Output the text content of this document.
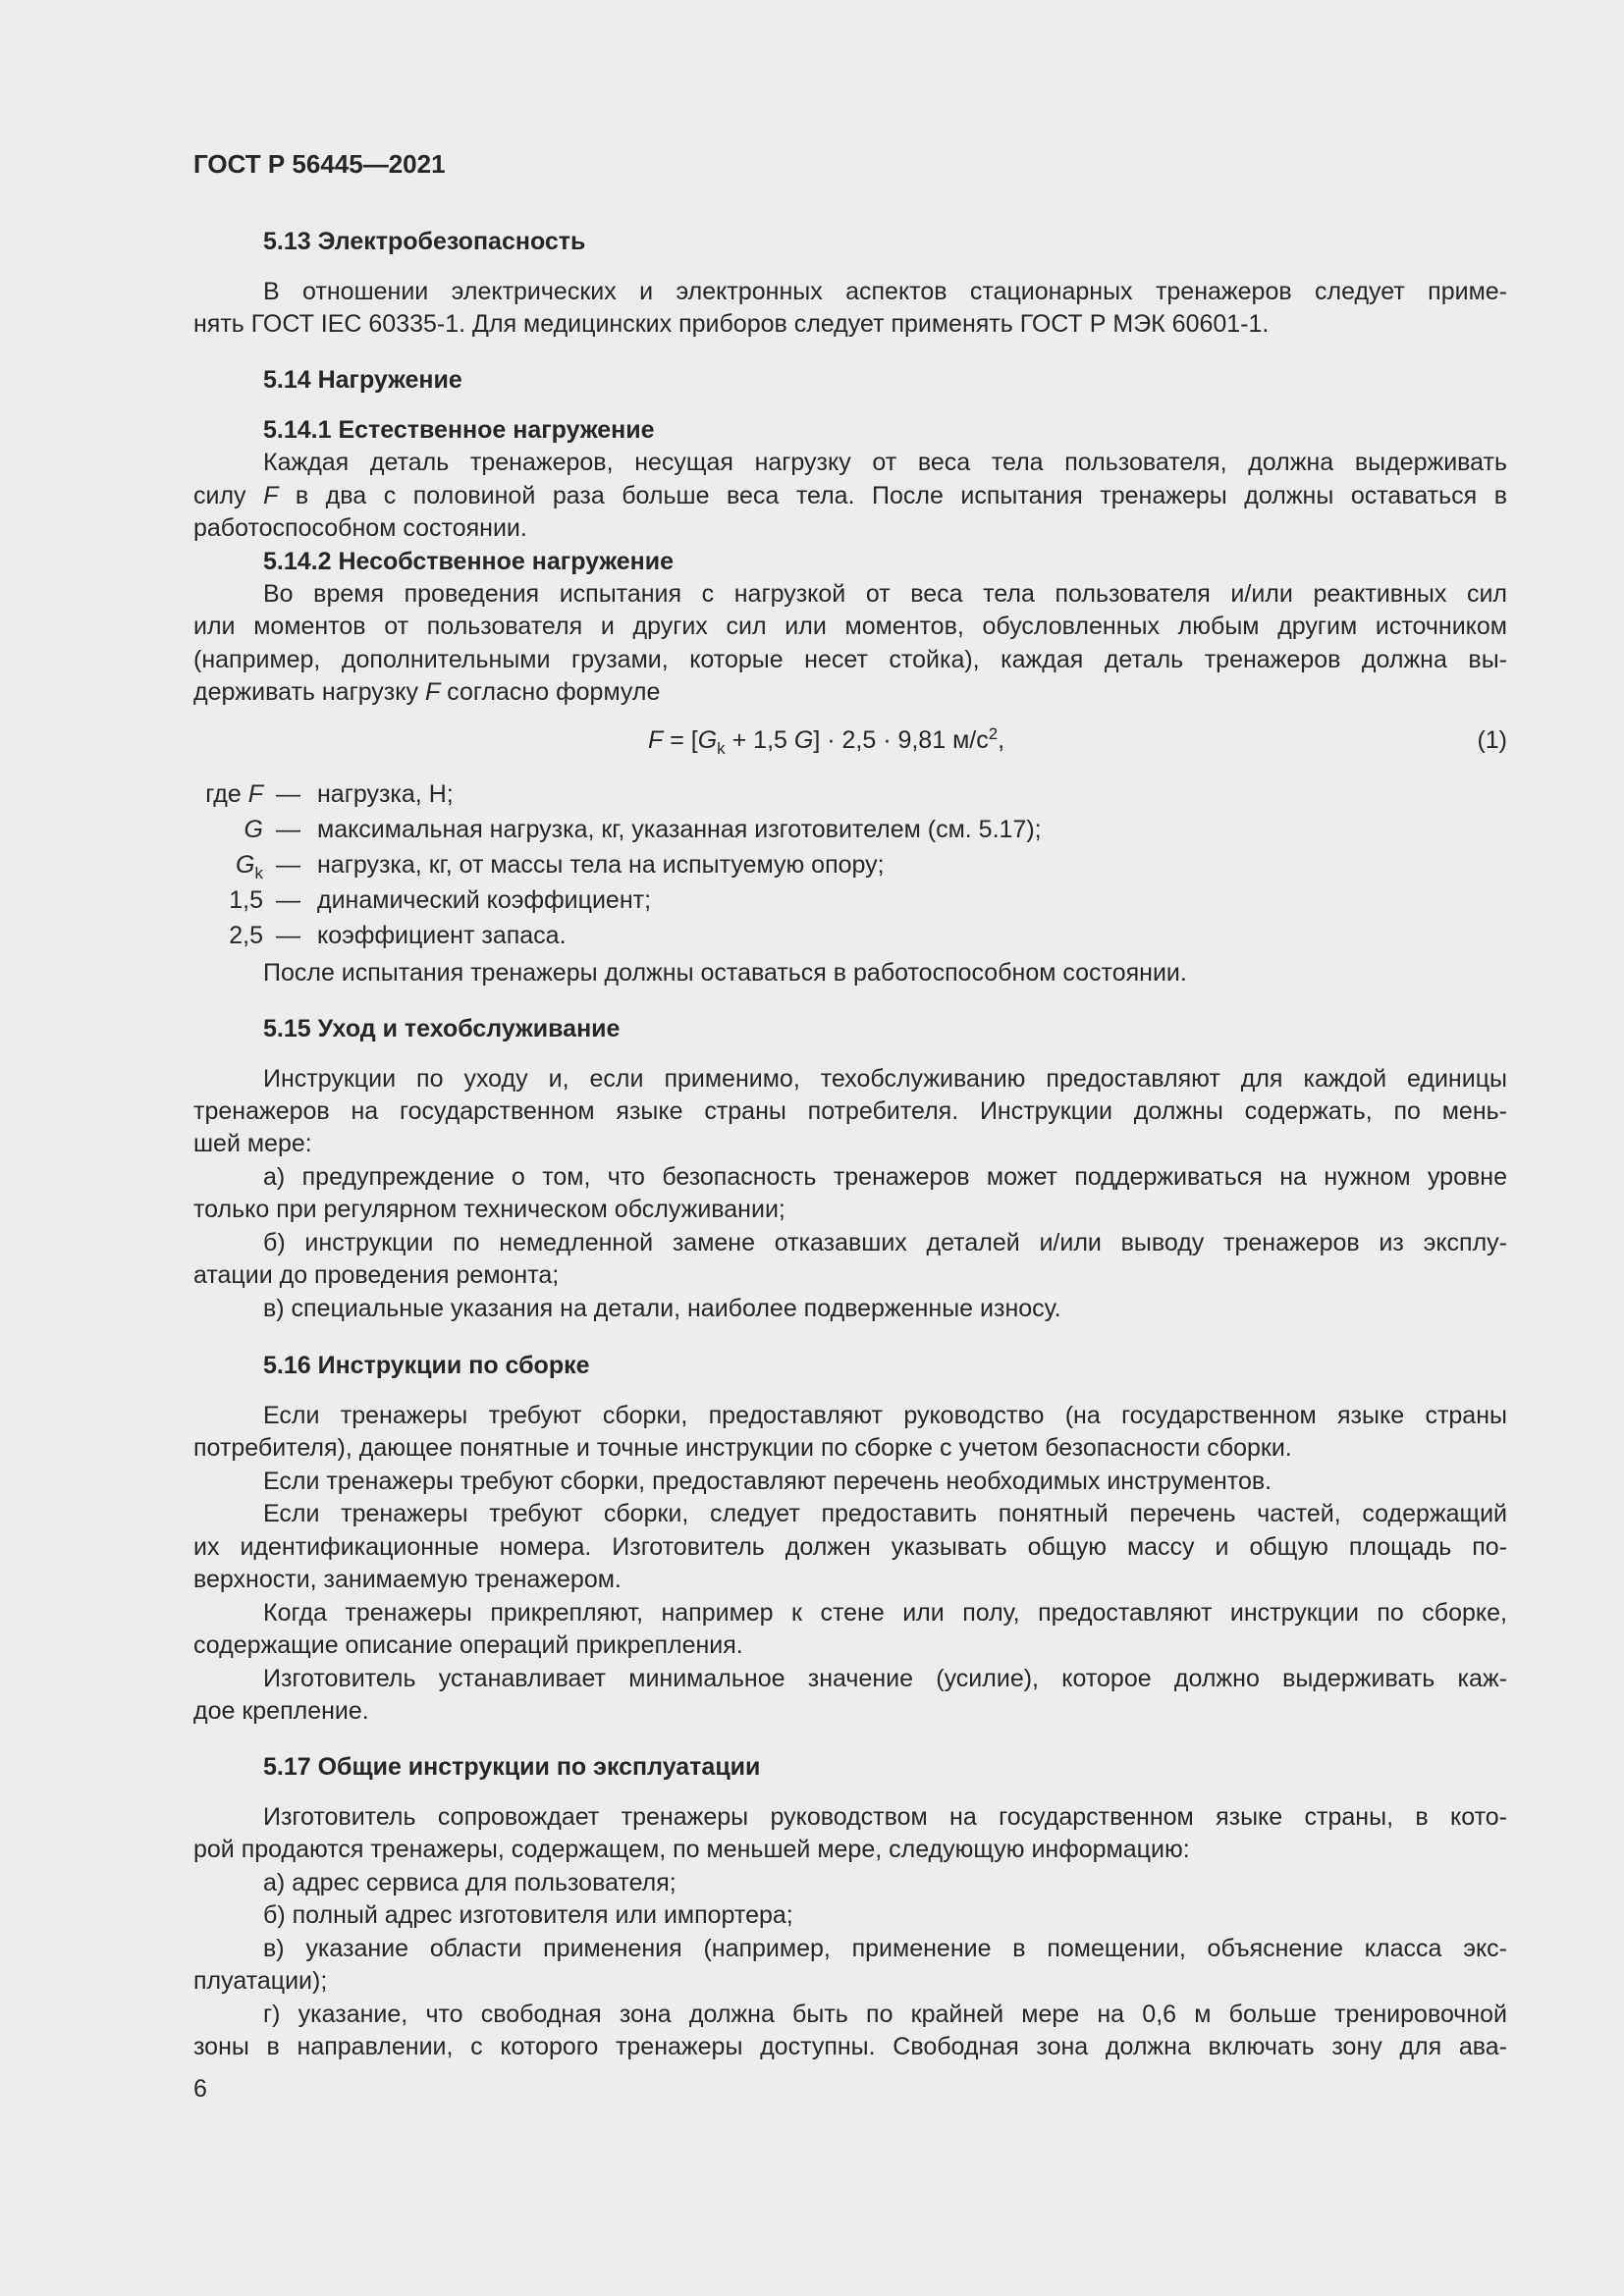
ГОСТ Р 56445—2021
5.13 Электробезопасность
В отношении электрических и электронных аспектов стационарных тренажеров следует приме-
нять ГОСТ IEC 60335-1. Для медицинских приборов следует применять ГОСТ Р МЭК 60601-1.
5.14 Нагружение
5.14.1 Естественное нагружение
Каждая деталь тренажеров, несущая нагрузку от веса тела пользователя, должна выдерживать
силу F в два с половиной раза больше веса тела. После испытания тренажеры должны оставаться в
работоспособном состоянии.
5.14.2 Несобственное нагружение
Во время проведения испытания с нагрузкой от веса тела пользователя и/или реактивных сил
или моментов от пользователя и других сил или моментов, обусловленных любым другим источником
(например, дополнительными грузами, которые несет стойка), каждая деталь тренажеров должна вы-
держивать нагрузку F согласно формуле
$F = [G_k + 1,5$ G] · 2,5 · 9,81 $м/с^2$,	(1)
где F — нагрузка, Н;
G — максимальная нагрузка, кг, указанная изготовителем (см. 5.17);
$G_k$ — нагрузка, кг, от массы тела на испытуемую опору;
1,5 — динамический коэффициент;
2,5 — коэффициент запаса.
После испытания тренажеры должны оставаться в работоспособном состоянии.
5.15 Уход и техобслуживание
Инструкции по уходу и, если применимо, техобслуживанию предоставляют для каждой единицы
тренажеров на государственном языке страны потребителя. Инструкции должны содержать, по мень-
шей мере:
а) предупреждение о том, что безопасность тренажеров может поддерживаться на нужном уровне
только при регулярном техническом обслуживании;
б) инструкции по немедленной замене отказавших деталей и/или выводу тренажеров из эксплу-
атации до проведения ремонта;
в) специальные указания на детали, наиболее подверженные износу.
5.16 Инструкции по сборке
Если тренажеры требуют сборки, предоставляют руководство (на государственном языке страны
потребителя), дающее понятные и точные инструкции по сборке с учетом безопасности сборки.
Если тренажеры требуют сборки, предоставляют перечень необходимых инструментов.
Если тренажеры требуют сборки, следует предоставить понятный перечень частей, содержащий
их идентификационные номера. Изготовитель должен указывать общую массу и общую площадь по-
верхности, занимаемую тренажером.
Когда тренажеры прикрепляют, например к стене или полу, предоставляют инструкции по сборке,
содержащие описание операций прикрепления.
Изготовитель устанавливает минимальное значение (усилие), которое должно выдерживать каж-
дое крепление.
5.17 Общие инструкции по эксплуатации
Изготовитель сопровождает тренажеры руководством на государственном языке страны, в кото-
рой продаются тренажеры, содержащем, по меньшей мере, следующую информацию:
а) адрес сервиса для пользователя;
б) полный адрес изготовителя или импортера;
в) указание области применения (например, применение в помещении, объяснение класса экс-
плуатации);
г) указание, что свободная зона должна быть по крайней мере на 0,6 м больше тренировочной
зоны в направлении, с которого тренажеры доступны. Свободная зона должна включать зону для ава-
6
